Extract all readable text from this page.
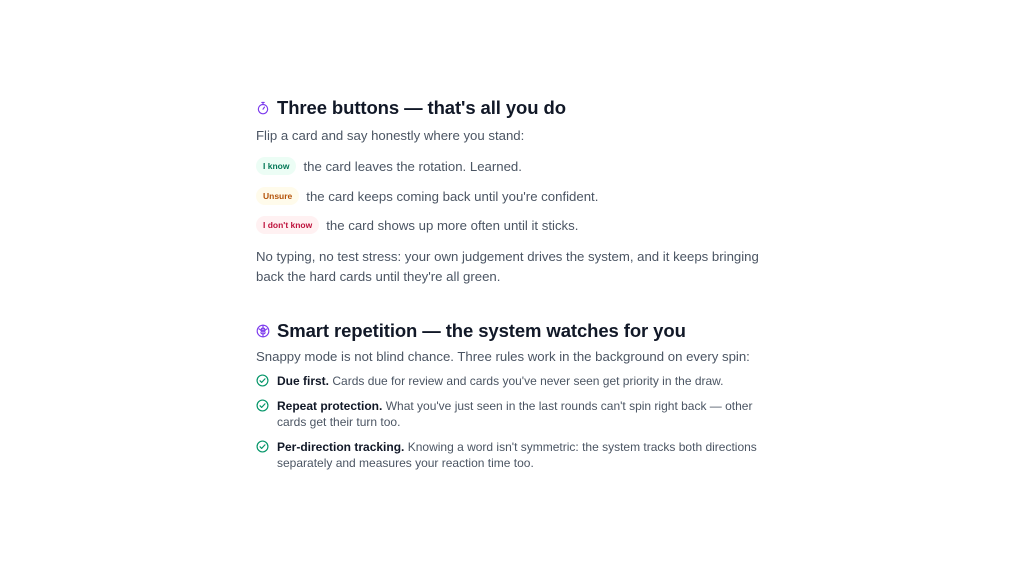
Three buttons — that's all you do

Flip a card and say honestly where you stand:

I know	the card leaves the rotation. Learned.
Unsure	the card keeps coming back until you're confident.
I don't know	the card shows up more often until it sticks.

No typing, no test stress: your own judgement drives the system, and it keeps bringing back the hard cards until they're all green.

Smart repetition — the system watches for you

Snappy mode is not blind chance. Three rules work in the background on every spin:

Due first. Cards due for review and cards you've never seen get priority in the draw.
Repeat protection. What you've just seen in the last rounds can't spin right back — other cards get their turn too.
Per-direction tracking. Knowing a word isn't symmetric: the system tracks both directions separately and measures your reaction time too.
